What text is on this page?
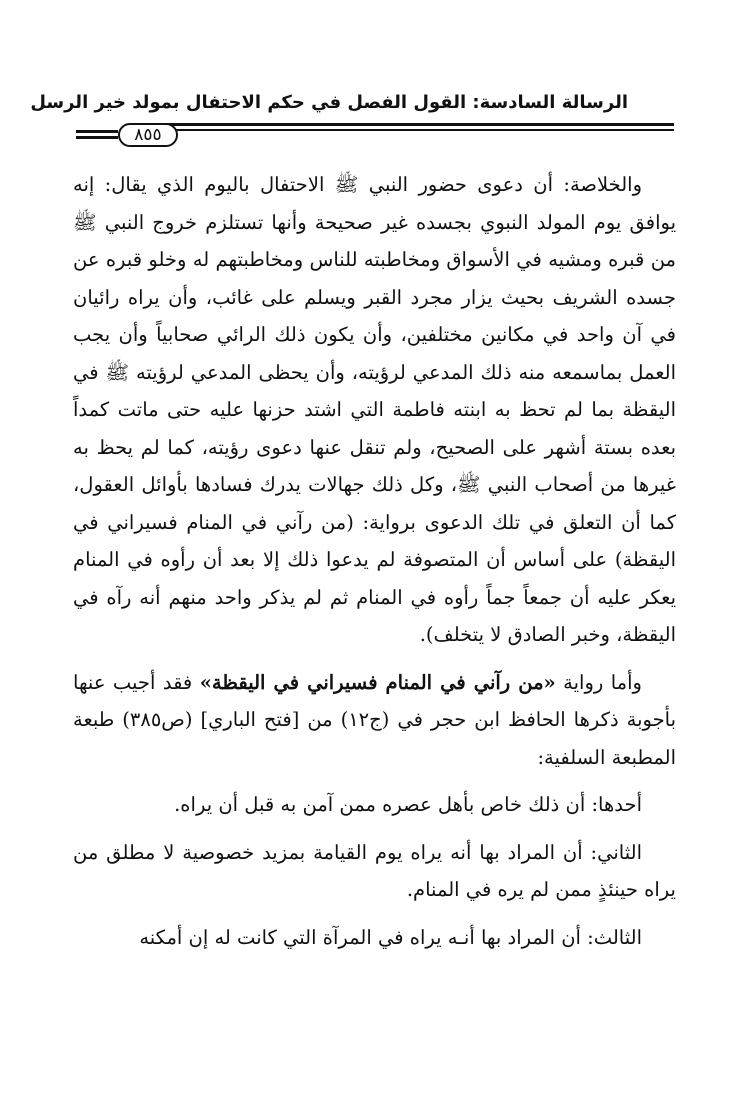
الرسالة السادسة: القول الفصل في حكم الاحتفال بمولد خير الرسل
٨٥٥

والخلاصة: أن دعوى حضور النبي ﷺ الاحتفال باليوم الذي يقال: إنه يوافق يوم المولد النبوي بجسده غير صحيحة وأنها تستلزم خروج النبي ﷺ من قبره ومشيه في الأسواق ومخاطبته للناس ومخاطبتهم له وخلو قبره عن جسده الشريف بحيث يزار مجرد القبر ويسلم على غائب، وأن يراه رائيان في آن واحد في مكانين مختلفين، وأن يكون ذلك الرائي صحابياً وأن يجب العمل بماسمعه منه ذلك المدعي لرؤيته، وأن يحظى المدعي لرؤيته ﷺ في اليقظة بما لم تحظ به ابنته فاطمة التي اشتد حزنها عليه حتى ماتت كمداً بعده بستة أشهر على الصحيح، ولم تنقل عنها دعوى رؤيته، كما لم يحظ به غيرها من أصحاب النبي ﷺ، وكل ذلك جهالات يدرك فسادها بأوائل العقول، كما أن التعلق في تلك الدعوى برواية: (من رآني في المنام فسيراني في اليقظة) على أساس أن المتصوفة لم يدعوا ذلك إلا بعد أن رأوه في المنام يعكر عليه أن جمعاً جماً رأوه في المنام ثم لم يذكر واحد منهم أنه رآه في اليقظة، وخبر الصادق لا يتخلف).

وأما رواية «من رآني في المنام فسيراني في اليقظة» فقد أجيب عنها بأجوبة ذكرها الحافظ ابن حجر في (ج١٢) من [فتح الباري] (ص٣٨٥) طبعة المطبعة السلفية:

أحدها: أن ذلك خاص بأهل عصره ممن آمن به قبل أن يراه.

الثاني: أن المراد بها أنه يراه يوم القيامة بمزيد خصوصية لا مطلق من يراه حينئذٍ ممن لم يره في المنام.

الثالث: أن المراد بها أنـه يراه في المرآة التي كانت له إن أمكنه
